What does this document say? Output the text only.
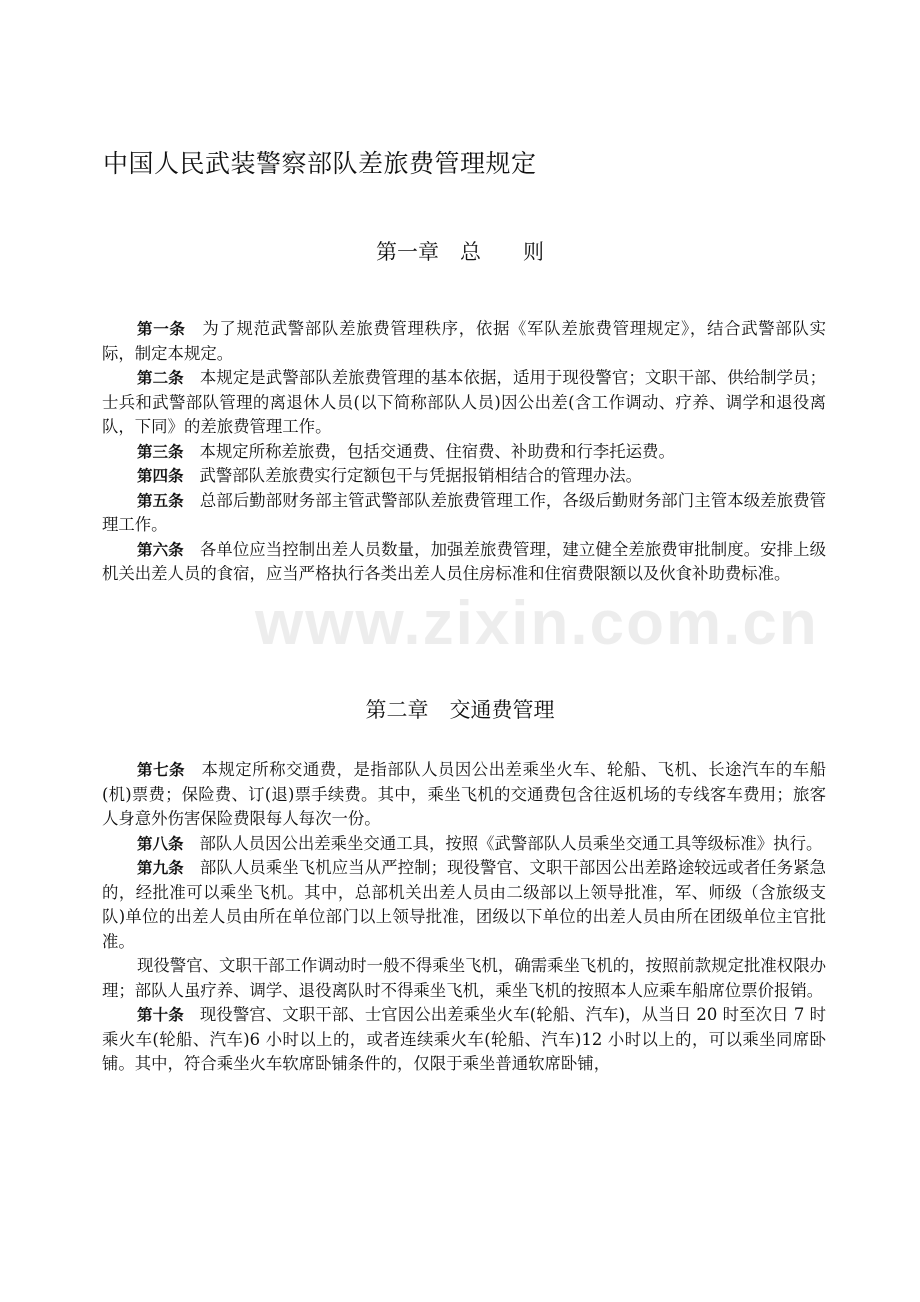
www.zixin.com.cn
中国人民武装警察部队差旅费管理规定
第一章　总　　则

第一条 为了规范武警部队差旅费管理秩序，依据《军队差旅费管理规定》，结合武警部队实际，制定本规定。

第二条 本规定是武警部队差旅费管理的基本依据，适用于现役警官；文职干部、供给制学员；士兵和武警部队管理的离退休人员(以下简称部队人员)因公出差(含工作调动、疗养、调学和退役离队，下同》的差旅费管理工作。

第三条 本规定所称差旅费，包括交通费、住宿费、补助费和行李托运费。

第四条 武警部队差旅费实行定额包干与凭据报销相结合的管理办法。

第五条 总部后勤部财务部主管武警部队差旅费管理工作，各级后勤财务部门主管本级差旅费管理工作。

第六条 各单位应当控制出差人员数量，加强差旅费管理，建立健全差旅费审批制度。安排上级机关出差人员的食宿，应当严格执行各类出差人员住房标准和住宿费限额以及伙食补助费标准。

第二章　交通费管理

第七条 本规定所称交通费，是指部队人员因公出差乘坐火车、轮船、飞机、长途汽车的车船(机)票费；保险费、订(退)票手续费。其中，乘坐飞机的交通费包含往返机场的专线客车费用；旅客人身意外伤害保险费限每人每次一份。

第八条 部队人员因公出差乘坐交通工具，按照《武警部队人员乘坐交通工具等级标准》执行。

第九条 部队人员乘坐飞机应当从严控制；现役警官、文职干部因公出差路途较远或者任务紧急的，经批准可以乘坐飞机。其中，总部机关出差人员由二级部以上领导批准，军、师级（含旅级支队)单位的出差人员由所在单位部门以上领导批准，团级以下单位的出差人员由所在团级单位主官批准。

现役警官、文职干部工作调动时一般不得乘坐飞机，确需乘坐飞机的，按照前款规定批准权限办理；部队人虽疗养、调学、退役离队时不得乘坐飞机，乘坐飞机的按照本人应乘车船席位票价报销。

第十条 现役警宫、文职干部、士官因公出差乘坐火车(轮船、汽车)，从当日 20 时至次日 7 时乘火车(轮船、汽车)6 小时以上的，或者连续乘火车(轮船、汽车)12 小时以上的，可以乘坐同席卧铺。其中，符合乘坐火车软席卧铺条件的，仅限于乘坐普通软席卧铺，
